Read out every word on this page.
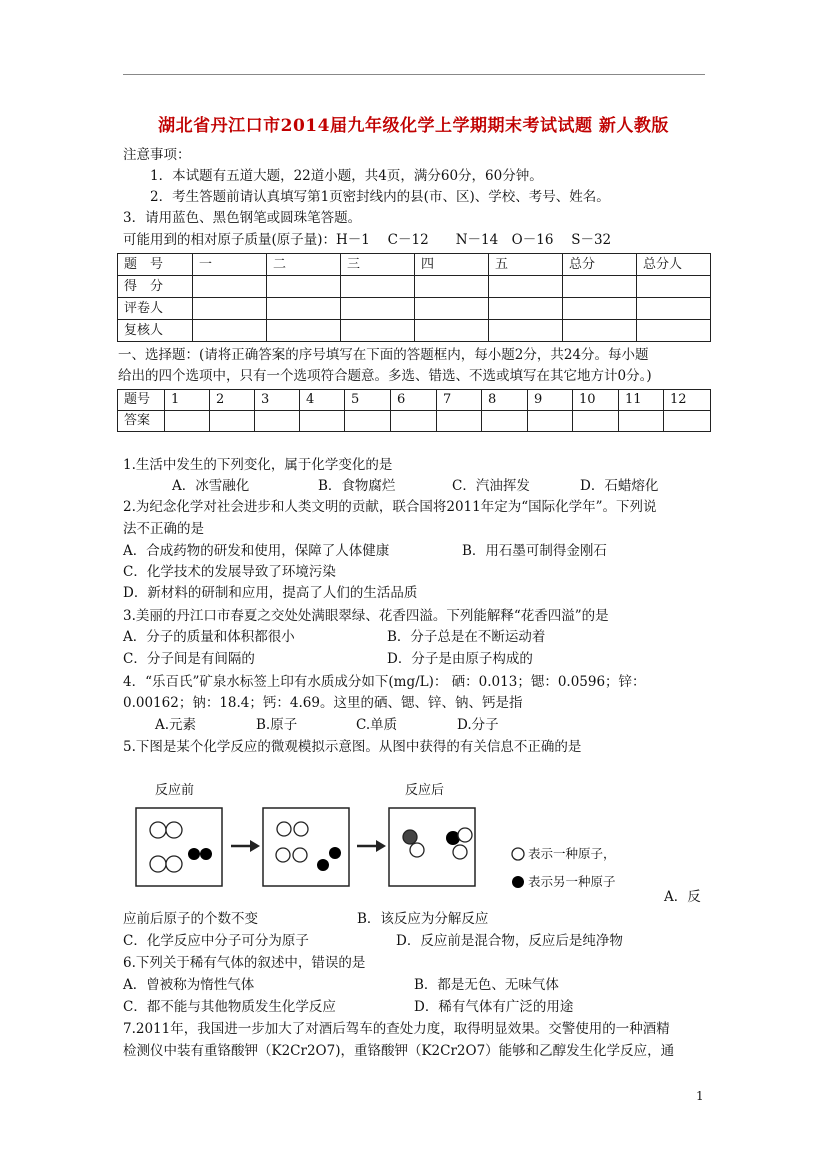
湖北省丹江口市2014届九年级化学上学期期末考试试题 新人教版
注意事项：
1．本试题有五道大题，22道小题，共4页，满分60分，60分钟。
2．考生答题前请认真填写第1页密封线内的县(市、区)、学校、考号、姓名。
3．请用蓝色、黑色钢笔或圆珠笔答题。
可能用到的相对原子质量(原子量)：H－1　 C－12　　N－14　O－16　 S－32
题　号	一	二	三	四	五	总分	总分人
得　分							
评卷人							
复核人							
一、选择题：(请将正确答案的序号填写在下面的答题框内，每小题2分，共24分。每小题
给出的四个选项中，只有一个选项符合题意。多选、错选、不选或填写在其它地方计0分。)
题号	1	2	3	4	5	6	7	8	9	10	11	12
答案												
1.生活中发生的下列变化，属于化学变化的是
A．冰雪融化	B．食物腐烂	C．汽油挥发	D．石蜡熔化
2.为纪念化学对社会进步和人类文明的贡献，联合国将2011年定为“国际化学年”。下列说
法不正确的是
A．合成药物的研发和使用，保障了人体健康	B．用石墨可制得金刚石
C．化学技术的发展导致了环境污染
D．新材料的研制和应用，提高了人们的生活品质
3.美丽的丹江口市春夏之交处处满眼翠绿、花香四溢。下列能解释“花香四溢”的是
A．分子的质量和体积都很小	B．分子总是在不断运动着
C．分子间是有间隔的	D．分子是由原子构成的
4．“乐百氏”矿泉水标签上印有水质成分如下(mg/L)： 硒：0.013；锶：0.0596；锌：
0.00162；钠：18.4；钙：4.69。这里的硒、锶、锌、钠、钙是指
A.元素	B.原子	C.单质	D.分子
5.下图是某个化学反应的微观模拟示意图。从图中获得的有关信息不正确的是
反应前	反应后
表示一种原子，
表示另一种原子
A．反
应前后原子的个数不变	B．该反应为分解反应
C．化学反应中分子可分为原子	D．反应前是混合物，反应后是纯净物
6.下列关于稀有气体的叙述中，错误的是
A．曾被称为惰性气体	B．都是无色、无味气体
C．都不能与其他物质发生化学反应	D．稀有气体有广泛的用途
7.2011年，我国进一步加大了对酒后驾车的查处力度，取得明显效果。交警使用的一种酒精
检测仪中装有重铬酸钾（K2Cr2O7)，重铬酸钾（K2Cr2O7）能够和乙醇发生化学反应，通
1
